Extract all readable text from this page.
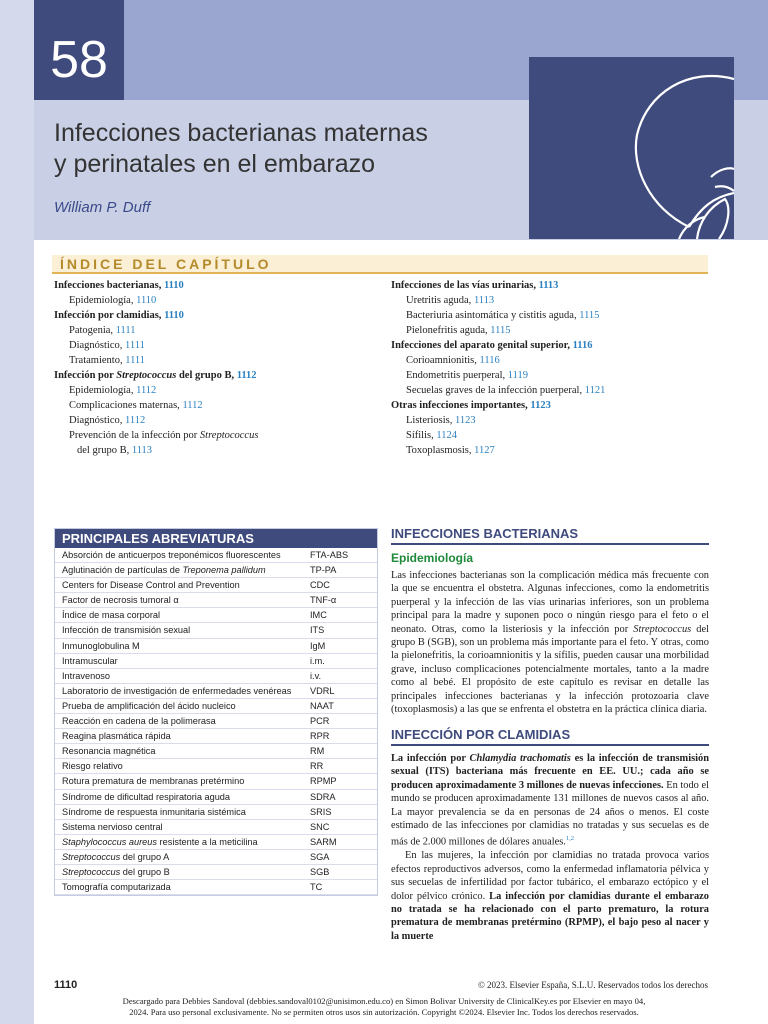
58
Infecciones bacterianas maternas
y perinatales en el embarazo
William P. Duff
ÍNDICE DEL CAPÍTULO
Infecciones bacterianas, 1110
Epidemiología, 1110
Infección por clamidias, 1110
Patogenia, 1111
Diagnóstico, 1111
Tratamiento, 1111
Infección por Streptococcus del grupo B, 1112
Epidemiología, 1112
Complicaciones maternas, 1112
Diagnóstico, 1112
Prevención de la infección por Streptococcus
del grupo B, 1113
Infecciones de las vías urinarias, 1113
Uretritis aguda, 1113
Bacteriuria asintomática y cistitis aguda, 1115
Pielonefritis aguda, 1115
Infecciones del aparato genital superior, 1116
Corioamnionitis, 1116
Endometritis puerperal, 1119
Secuelas graves de la infección puerperal, 1121
Otras infecciones importantes, 1123
Listeriosis, 1123
Sífilis, 1124
Toxoplasmosis, 1127
PRINCIPALES ABREVIATURAS
Absorción de anticuerpos treponémicos fluorescentes	FTA-ABS
Aglutinación de partículas de Treponema pallidum	TP-PA
Centers for Disease Control and Prevention	CDC
Factor de necrosis tumoral α	TNF-α
Índice de masa corporal	IMC
Infección de transmisión sexual	ITS
Inmunoglobulina M	IgM
Intramuscular	i.m.
Intravenoso	i.v.
Laboratorio de investigación de enfermedades venéreas	VDRL
Prueba de amplificación del ácido nucleico	NAAT
Reacción en cadena de la polimerasa	PCR
Reagina plasmática rápida	RPR
Resonancia magnética	RM
Riesgo relativo	RR
Rotura prematura de membranas pretérmino	RPMP
Síndrome de dificultad respiratoria aguda	SDRA
Síndrome de respuesta inmunitaria sistémica	SRIS
Sistema nervioso central	SNC
Staphylococcus aureus resistente a la meticilina	SARM
Streptococcus del grupo A	SGA
Streptococcus del grupo B	SGB
Tomografía computarizada	TC
INFECCIONES BACTERIANAS
Epidemiología

Las infecciones bacterianas son la complicación médica más frecuente con la que se encuentra el obstetra. Algunas infecciones, como la endometritis puerperal y la infección de las vías urinarias inferiores, son un problema principal para la madre y suponen poco o ningún riesgo para el feto o el neonato. Otras, como la listeriosis y la infección por Streptococcus del grupo B (SGB), son un problema más importante para el feto. Y otras, como la pielonefritis, la corioamnionitis y la sífilis, pueden causar una morbilidad grave, incluso complicaciones potencialmente mortales, tanto a la madre como al bebé. El propósito de este capítulo es revisar en detalle las principales infecciones bacterianas y la infección protozoaria clave (toxoplasmosis) a las que se enfrenta el obstetra en la práctica clínica diaria.

INFECCIÓN POR CLAMIDIAS

La infección por Chlamydia trachomatis es la infección de transmisión sexual (ITS) bacteriana más frecuente en EE. UU.; cada año se producen aproximadamente 3 millones de nuevas infecciones. En todo el mundo se producen aproximadamente 131 millones de nuevos casos al año. La mayor prevalencia se da en personas de 24 años o menos. El coste estimado de las infecciones por clamidias no tratadas y sus secuelas es de más de 2.000 millones de dólares anuales.$^{1,2}$

En las mujeres, la infección por clamidias no tratada provoca varios efectos reproductivos adversos, como la enfermedad inflamatoria pélvica y sus secuelas de infertilidad por factor tubárico, el embarazo ectópico y el dolor pélvico crónico. La infección por clamidias durante el embarazo no tratada se ha relacionado con el parto prematuro, la rotura prematura de membranas pretérmino (RPMP), el bajo peso al nacer y la muerte

1110	© 2023. Elsevier España, S.L.U. Reservados todos los derechos
Descargado para Debbies Sandoval (debbies.sandoval0102@unisimon.edu.co) en Simon Bolivar University de ClinicalKey.es por Elsevier en mayo 04,
2024. Para uso personal exclusivamente. No se permiten otros usos sin autorización. Copyright ©2024. Elsevier Inc. Todos los derechos reservados.
